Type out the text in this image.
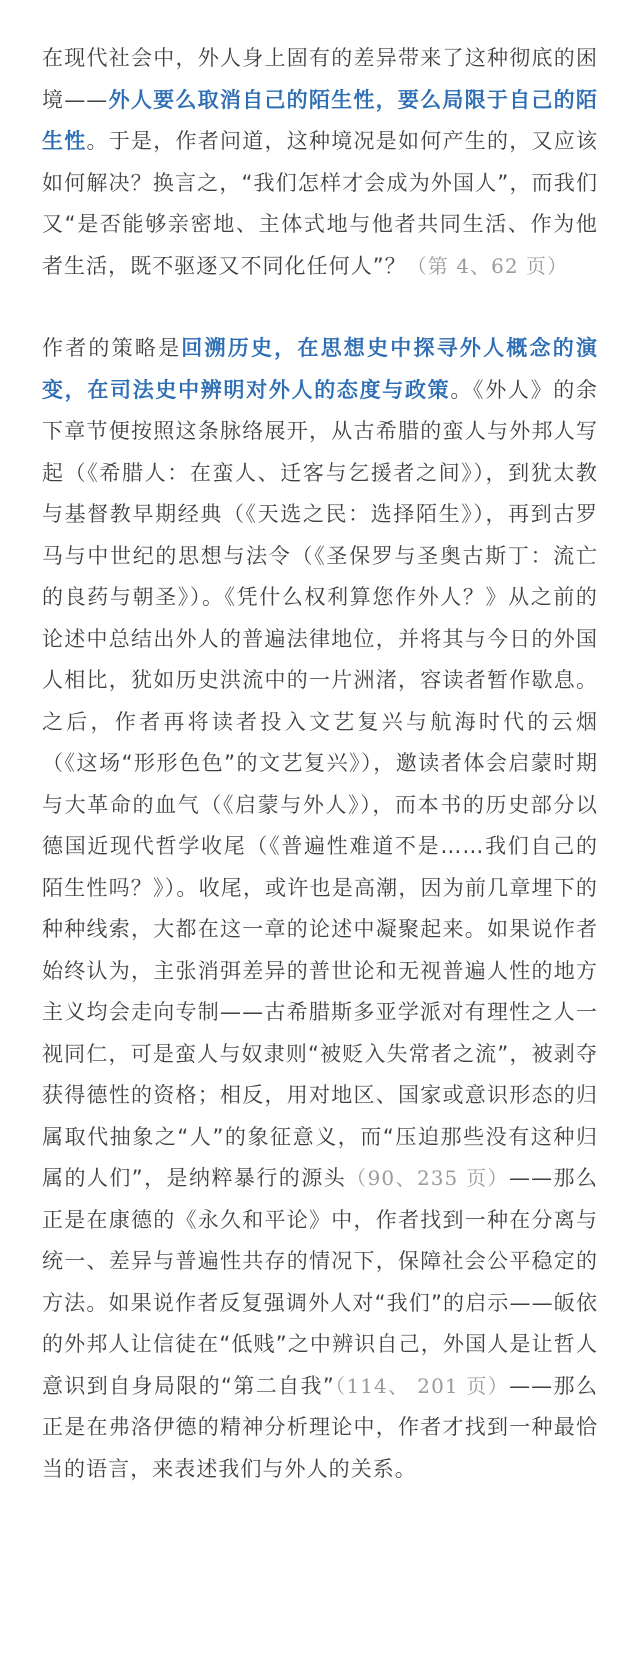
在现代社会中，外人身上固有的差异带来了这种彻底的困境——外人要么取消自己的陌生性，要么局限于自己的陌生性。于是，作者问道，这种境况是如何产生的，又应该如何解决？换言之，“我们怎样才会成为外国人”，而我们又“是否能够亲密地、主体式地与他者共同生活、作为他者生活，既不驱逐又不同化任何人”？（第 4、62 页）

作者的策略是回溯历史，在思想史中探寻外人概念的演变，在司法史中辨明对外人的态度与政策。《外人》的余下章节便按照这条脉络展开，从古希腊的蛮人与外邦人写起（《希腊人：在蛮人、迁客与乞援者之间》），到犹太教与基督教早期经典（《天选之民：选择陌生》），再到古罗马与中世纪的思想与法令（《圣保罗与圣奥古斯丁：流亡的良药与朝圣》）。《凭什么权利算您作外人？》从之前的论述中总结出外人的普遍法律地位，并将其与今日的外国人相比，犹如历史洪流中的一片洲渚，容读者暂作歇息。之后，作者再将读者投入文艺复兴与航海时代的云烟（《这场“形形色色”的文艺复兴》），邀读者体会启蒙时期与大革命的血气（《启蒙与外人》），而本书的历史部分以德国近现代哲学收尾（《普遍性难道不是……我们自己的陌生性吗？》）。收尾，或许也是高潮，因为前几章埋下的种种线索，大都在这一章的论述中凝聚起来。如果说作者始终认为，主张消弭差异的普世论和无视普遍人性的地方主义均会走向专制——古希腊斯多亚学派对有理性之人一视同仁，可是蛮人与奴隶则“被贬入失常者之流”，被剥夺获得德性的资格；相反，用对地区、国家或意识形态的归属取代抽象之“人”的象征意义，而“压迫那些没有这种归属的人们”，是纳粹暴行的源头（90、235 页）——那么正是在康德的《永久和平论》中，作者找到一种在分离与统一、差异与普遍性共存的情况下，保障社会公平稳定的方法。如果说作者反复强调外人对“我们”的启示——皈依的外邦人让信徒在“低贱”之中辨识自己，外国人是让哲人意识到自身局限的“第二自我”（114、 201 页）——那么正是在弗洛伊德的精神分析理论中，作者才找到一种最恰当的语言，来表述我们与外人的关系。
